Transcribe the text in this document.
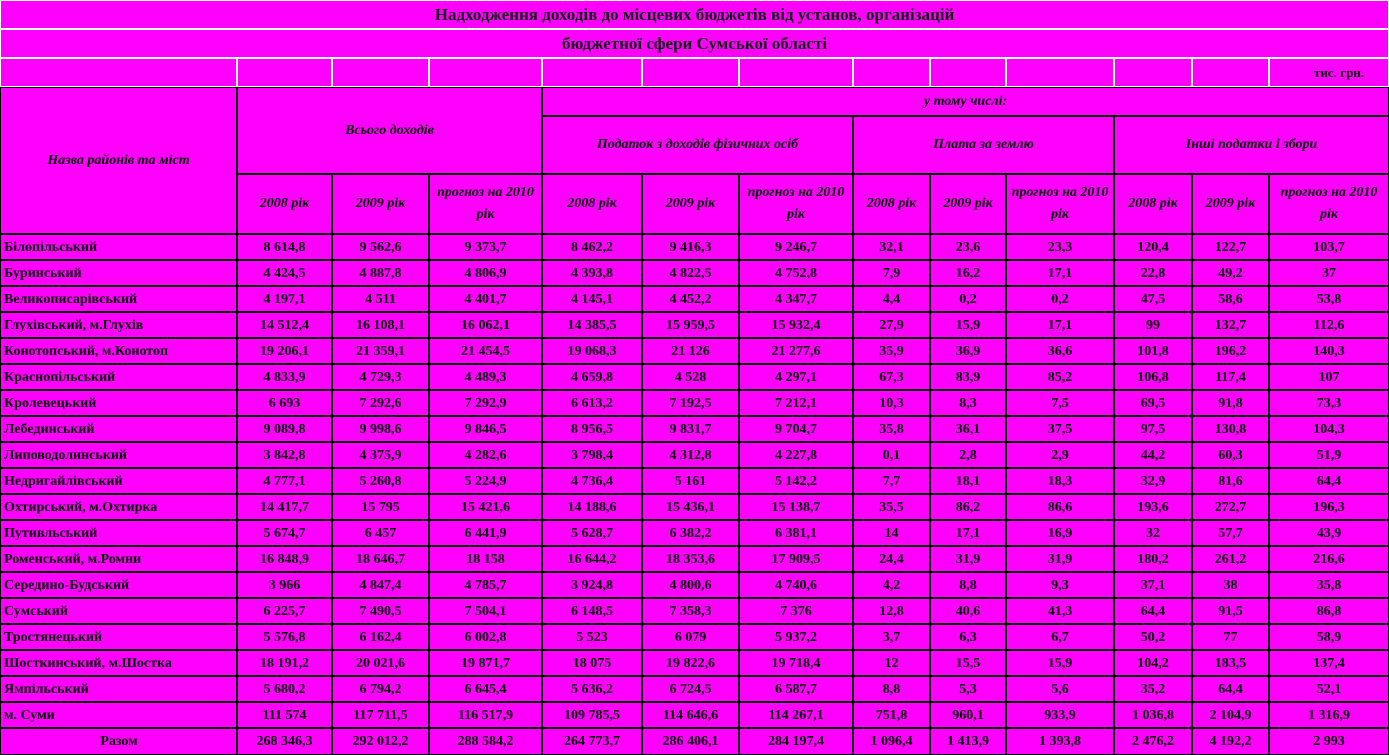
Надходження доходів до місцевих бюджетів від установ, організацій												
бюджетної сфери Сумської області												
												тис. грн.
Назва районів та міст	Всього доходів			у тому числі:								
				Податок з доходів фізичних осіб			Плата за землю			Інші податки і збори		
	2008 рік	2009 рік	прогноз на 2010 рік	2008 рік	2009 рік	прогноз на 2010 рік	2008 рік	2009 рік	прогноз на 2010 рік	2008 рік	2009 рік	прогноз на 2010 рік
Білопільський	8 614,8	9 562,6	9 373,7	8 462,2	9 416,3	9 246,7	32,1	23,6	23,3	120,4	122,7	103,7
Буринський	4 424,5	4 887,8	4 806,9	4 393,8	4 822,5	4 752,8	7,9	16,2	17,1	22,8	49,2	37
Великописарівський	4 197,1	4 511	4 401,7	4 145,1	4 452,2	4 347,7	4,4	0,2	0,2	47,5	58,6	53,8
Глухівський, м.Глухів	14 512,4	16 108,1	16 062,1	14 385,5	15 959,5	15 932,4	27,9	15,9	17,1	99	132,7	112,6
Конотопський, м.Конотоп	19 206,1	21 359,1	21 454,5	19 068,3	21 126	21 277,6	35,9	36,9	36,6	101,8	196,2	140,3
Краснопільський	4 833,9	4 729,3	4 489,3	4 659,8	4 528	4 297,1	67,3	83,9	85,2	106,8	117,4	107
Кролевецький	6 693	7 292,6	7 292,9	6 613,2	7 192,5	7 212,1	10,3	8,3	7,5	69,5	91,8	73,3
Лебединський	9 089,8	9 998,6	9 846,5	8 956,5	9 831,7	9 704,7	35,8	36,1	37,5	97,5	130,8	104,3
Липоводолинський	3 842,8	4 375,9	4 282,6	3 798,4	4 312,8	4 227,8	0,1	2,8	2,9	44,2	60,3	51,9
Недригайлівський	4 777,1	5 260,8	5 224,9	4 736,4	5 161	5 142,2	7,7	18,1	18,3	32,9	81,6	64,4
Охтирський, м.Охтирка	14 417,7	15 795	15 421,6	14 188,6	15 436,1	15 138,7	35,5	86,2	86,6	193,6	272,7	196,3
Путивльський	5 674,7	6 457	6 441,9	5 628,7	6 382,2	6 381,1	14	17,1	16,9	32	57,7	43,9
Роменський, м.Ромни	16 848,9	18 646,7	18 158	16 644,2	18 353,6	17 909,5	24,4	31,9	31,9	180,2	261,2	216,6
Середино-Будський	3 966	4 847,4	4 785,7	3 924,8	4 800,6	4 740,6	4,2	8,8	9,3	37,1	38	35,8
Сумський	6 225,7	7 490,5	7 504,1	6 148,5	7 358,3	7 376	12,8	40,6	41,3	64,4	91,5	86,8
Тростянецький	5 576,8	6 162,4	6 002,8	5 523	6 079	5 937,2	3,7	6,3	6,7	50,2	77	58,9
Шосткинський, м.Шостка	18 191,2	20 021,6	19 871,7	18 075	19 822,6	19 718,4	12	15,5	15,9	104,2	183,5	137,4
Ямпільський	5 680,2	6 794,2	6 645,4	5 636,2	6 724,5	6 587,7	8,8	5,3	5,6	35,2	64,4	52,1
м. Суми	111 574	117 711,5	116 517,9	109 785,5	114 646,6	114 267,1	751,8	960,1	933,9	1 036,8	2 104,9	1 316,9
Разом	268 346,3	292 012,2	288 584,2	264 773,7	286 406,1	284 197,4	1 096,4	1 413,9	1 393,8	2 476,2	4 192,2	2 993
